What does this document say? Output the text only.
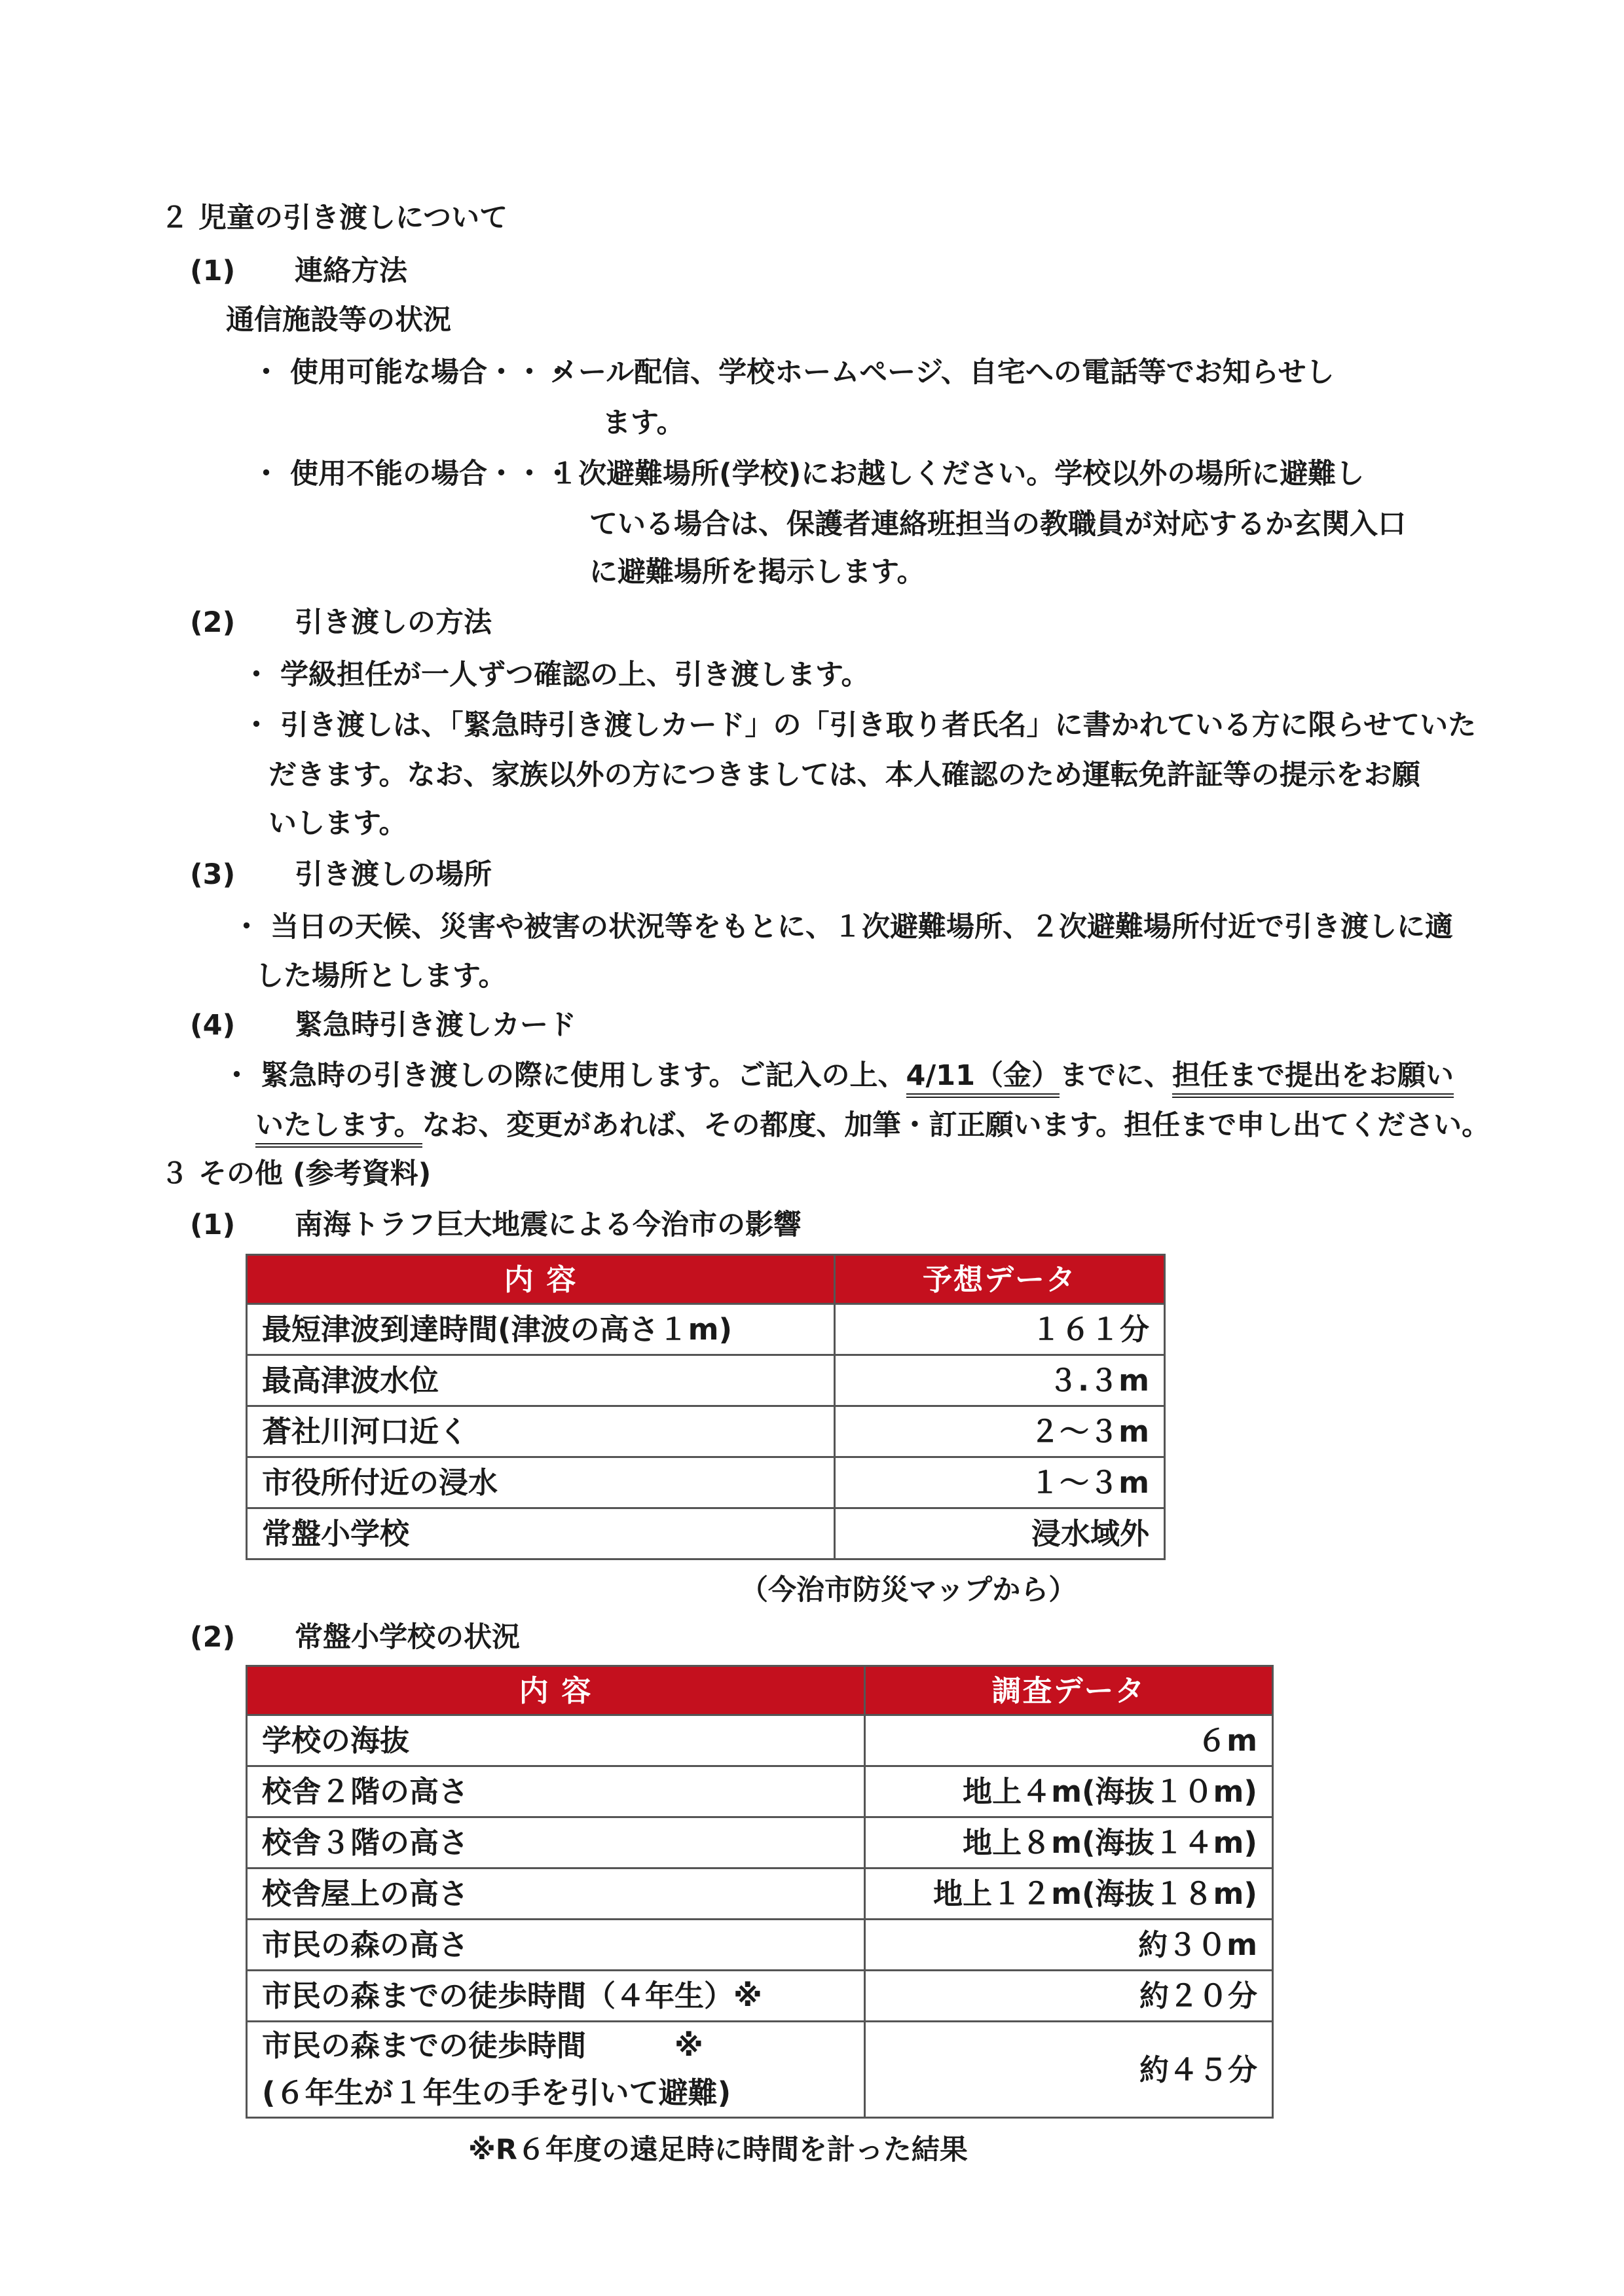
２ 児童の引き渡しについて
(1) 連絡方法
通信施設等の状況
・ 使用可能な場合・・・
メール配信、学校ホームページ、自宅への電話等でお知らせし
ます。
・ 使用不能の場合・・・
１次避難場所(学校)にお越しください。学校以外の場所に避難し
ている場合は、保護者連絡班担当の教職員が対応するか玄関入口
に避難場所を掲示します。
(2) 引き渡しの方法
・ 学級担任が一人ずつ確認の上、引き渡します。
・ 引き渡しは、「緊急時引き渡しカード」の「引き取り者氏名」に書かれている方に限らせていた
だきます。なお、家族以外の方につきましては、本人確認のため運転免許証等の提示をお願
いします。
(3) 引き渡しの場所
・ 当日の天候、災害や被害の状況等をもとに、１次避難場所、２次避難場所付近で引き渡しに適
した場所とします。
(4) 緊急時引き渡しカード
・ 緊急時の引き渡しの際に使用します。ご記入の上、4/11（金）までに、担任まで提出をお願い
いたします。なお、変更があれば、その都度、加筆・訂正願います。担任まで申し出てください。
３ その他 (参考資料)
(1) 南海トラフ巨大地震による今治市の影響
内 容	予想データ
最短津波到達時間(津波の高さ１m)	１６１分
最高津波水位	３.３m
蒼社川河口近く	２～３m
市役所付近の浸水	１～３m
常盤小学校	浸水域外
（今治市防災マップから）
(2) 常盤小学校の状況
内 容	調査データ
学校の海抜	６m
校舎２階の高さ	地上４m(海抜１０m)
校舎３階の高さ	地上８m(海抜１４m)
校舎屋上の高さ	地上１２m(海抜１８m)
市民の森の高さ	約３０m
市民の森までの徒歩時間（４年生）※	約２０分

市民の森までの徒歩時間　　　※
(６年生が１年生の手を引いて避難)	約４５分
※R６年度の遠足時に時間を計った結果
